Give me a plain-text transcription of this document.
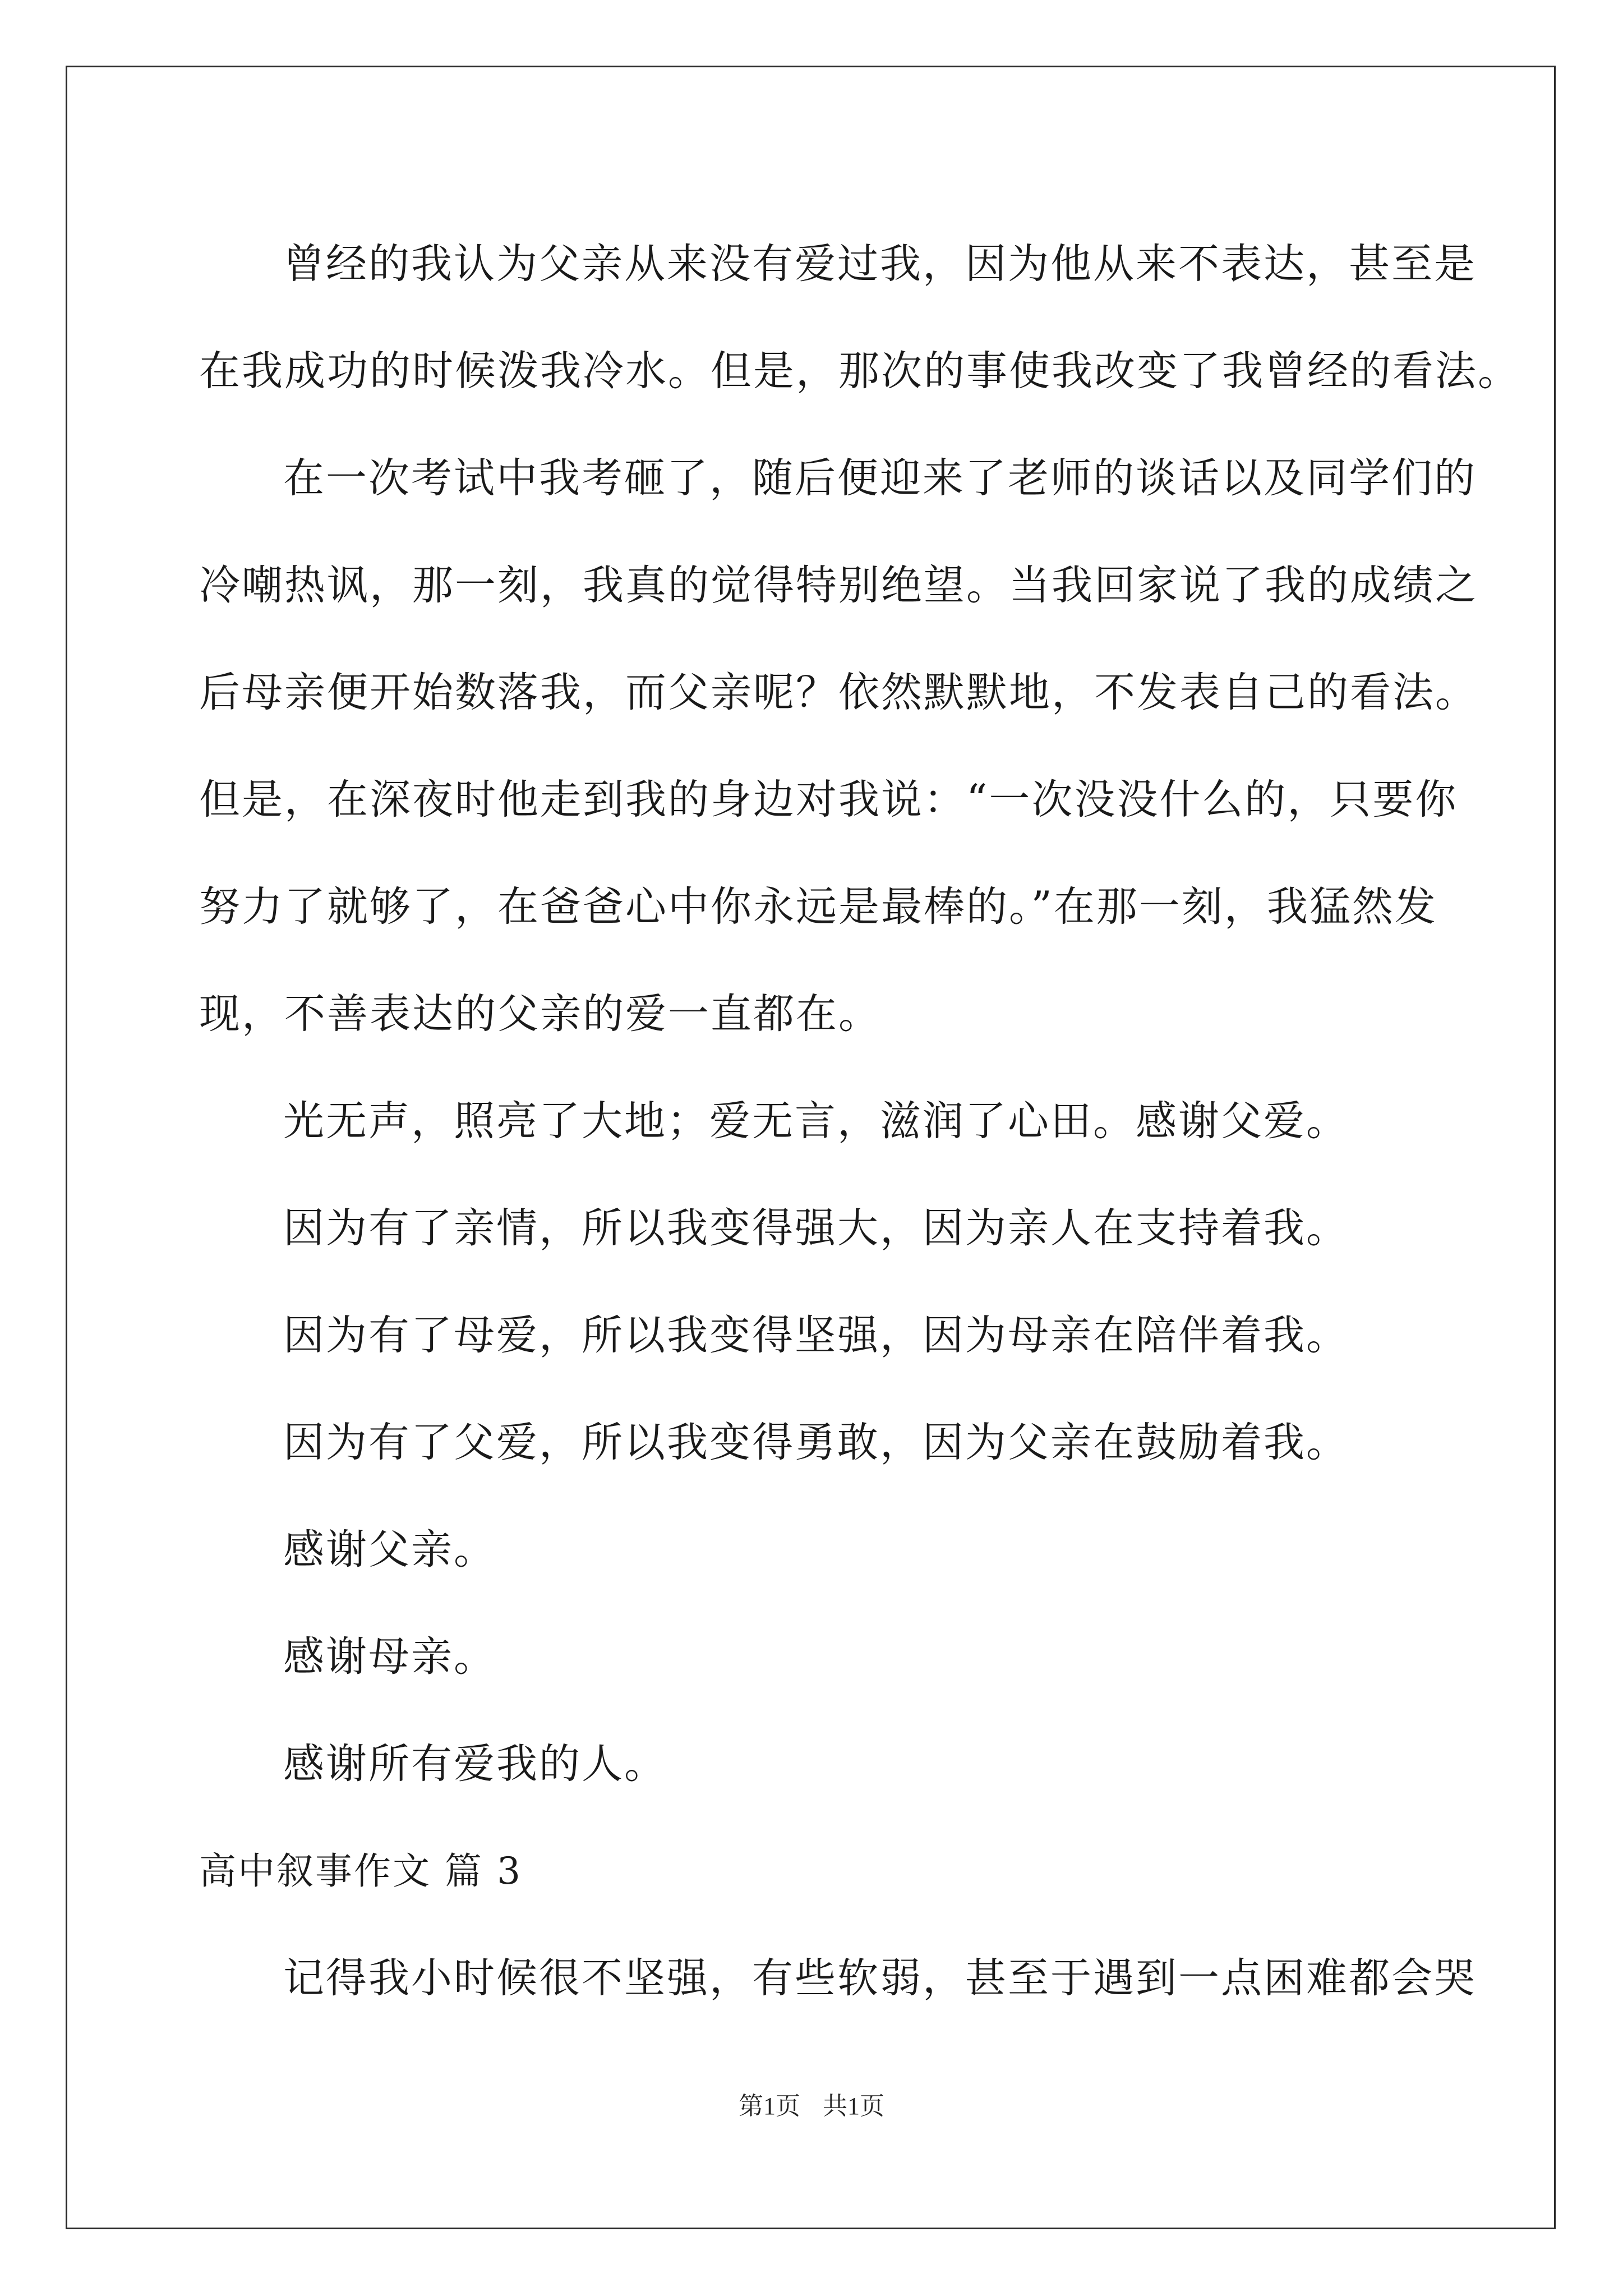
曾经的我认为父亲从来没有爱过我，因为他从来不表达，甚至是
在我成功的时候泼我冷水。但是，那次的事使我改变了我曾经的看法。
在一次考试中我考砸了，随后便迎来了老师的谈话以及同学们的
冷嘲热讽，那一刻，我真的觉得特别绝望。当我回家说了我的成绩之
后母亲便开始数落我，而父亲呢？依然默默地，不发表自己的看法。
但是，在深夜时他走到我的身边对我说：“一次没没什么的，只要你
努力了就够了，在爸爸心中你永远是最棒的。”在那一刻，我猛然发
现，不善表达的父亲的爱一直都在。
光无声，照亮了大地；爱无言，滋润了心田。感谢父爱。
因为有了亲情，所以我变得强大，因为亲人在支持着我。
因为有了母爱，所以我变得坚强，因为母亲在陪伴着我。
因为有了父爱，所以我变得勇敢，因为父亲在鼓励着我。
感谢父亲。
感谢母亲。
感谢所有爱我的人。
高中叙事作文 篇 3
记得我小时候很不坚强，有些软弱，甚至于遇到一点困难都会哭
第1页 共1页
